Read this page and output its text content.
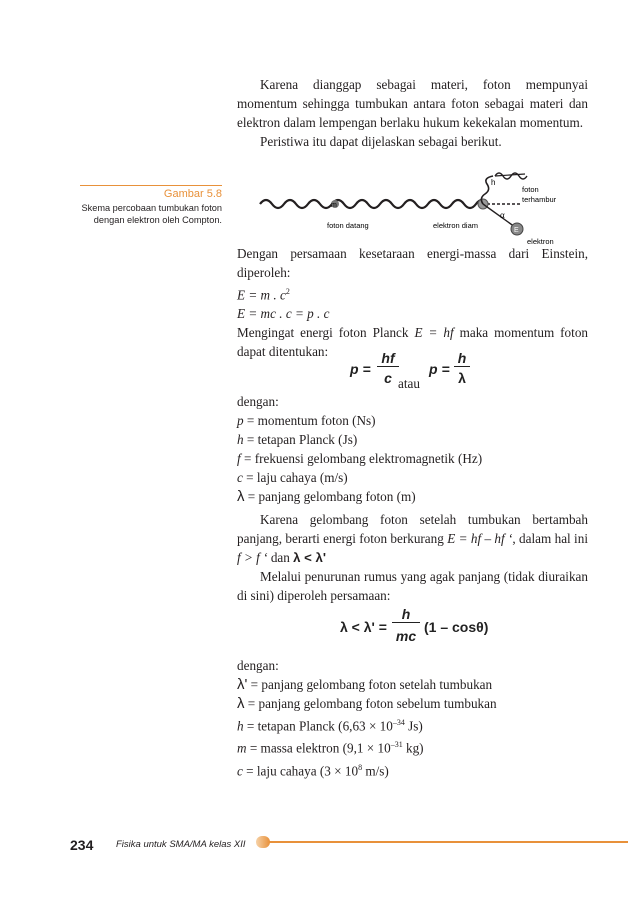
Karena dianggap sebagai materi, foton mempunyai momentum sehingga tumbukan antara foton sebagai materi dan elektron dalam lempengan berlaku hukum kekekalan momentum.

Peristiwa itu dapat dijelaskan sebagai berikut.

Gambar 5.8
Skema percobaan tumbukan foton dengan elektron oleh Compton.
E
h
α
m
foton datang	elektron diam
foton
terhambur
elektron

Dengan persamaan kesetaraan energi-massa dari Einstein, diperoleh:

E = m . $c^2$
E = mc . c = p . c

Mengingat energi foton Planck E = hf maka momentum foton dapat ditentukan:

p =
hf
c
p =
h
λ
atau
dengan:
p = momentum foton (Ns)
h = tetapan Planck (Js)
f = frekuensi gelombang elektromagnetik (Hz)
c = laju cahaya (m/s)
λ = panjang gelombang foton (m)

Karena gelombang foton setelah tumbukan bertambah panjang, berarti energi foton berkurang E = hf – hf ‘, dalam hal ini f > f ‘ dan λ < λ'

Melalui penurunan rumus yang agak panjang (tidak diuraikan di sini) diperoleh persamaan:

λ < λ' =
h
mc
(1 – cosθ)
dengan:
λ' = panjang gelombang foton setelah tumbukan
λ = panjang gelombang foton sebelum tumbukan
h = tetapan Planck ($6,63 \times 10^{-34}$ Js)
m = massa elektron ($9,1 \times 10^{-31}$ kg)
c = laju cahaya ($3 \times 10^8$ m/s)
234 Fisika untuk SMA/MA kelas XII
